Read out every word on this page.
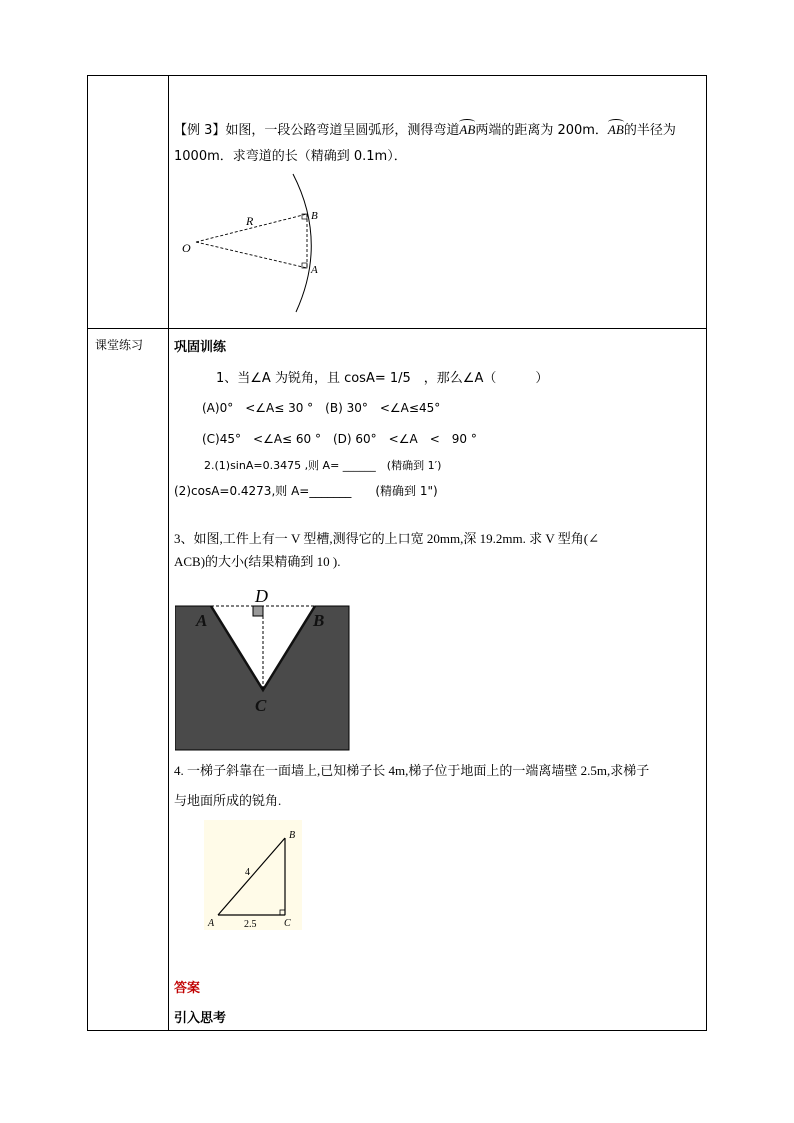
课堂练习
【例 3】如图，一段公路弯道呈圆弧形，测得弯道AB两端的距离为 200m．AB的半径为
1000m．求弯道的长（精确到 0.1m）．
O
R	B
A
巩固训练
1、当∠A 为锐角，且 cosA= 1/5　，那么∠A（　　　）
(A)0°　<∠A≤ 30 °　(B) 30°　<∠A≤45°
(C)45°　<∠A≤ 60 °　(D) 60°　<∠A　<　90 °
2.(1)sinA=0.3475 ,则 A= ______　(精确到 1′)
(2)cosA=0.4273,则 A=_______　　(精确到 1")
3、如图,工件上有一 V 型槽,测得它的上口宽 20mm,深 19.2mm. 求 V 型角(∠
ACB)的大小(结果精确到 10 ).
D
A	B
C
4. 一梯子斜靠在一面墙上,已知梯子长 4m,梯子位于地面上的一端离墙壁 2.5m,求梯子
与地面所成的锐角.
B
A	C
4
2.5
答案
引入思考
